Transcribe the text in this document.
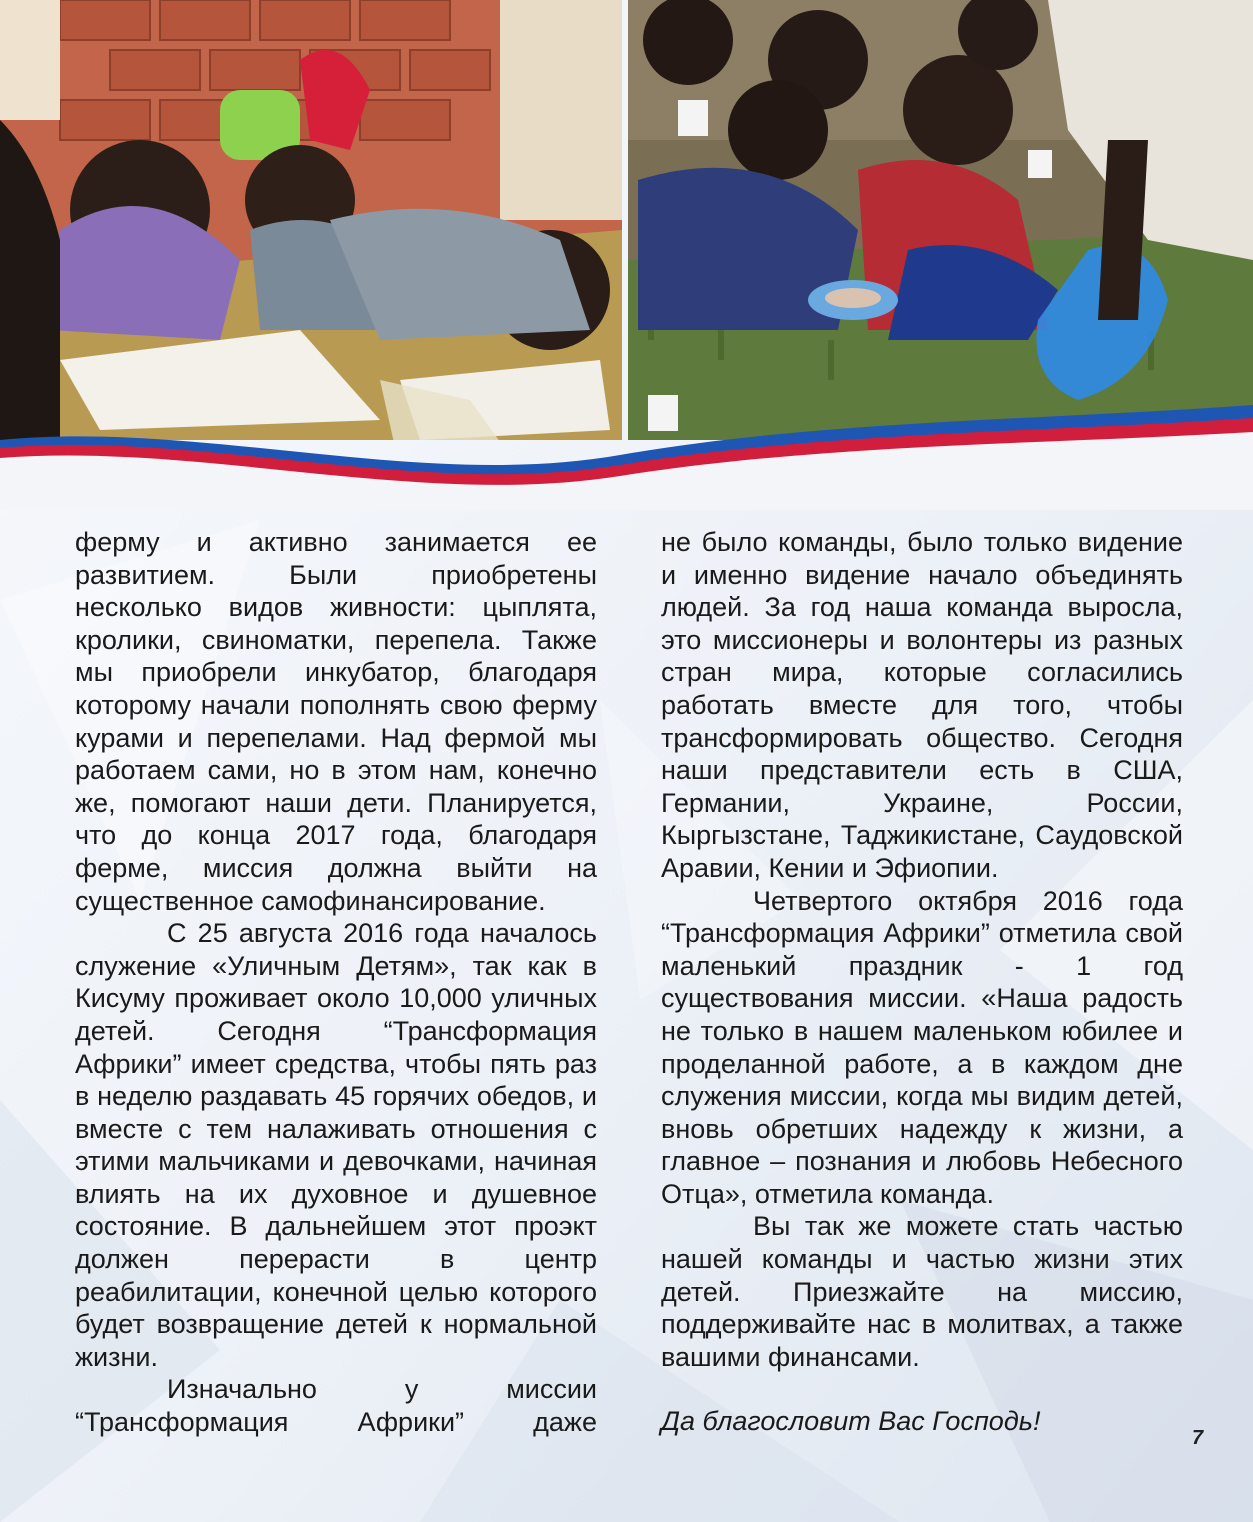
ферму и активно занимается ее развитием. Были приобретены несколько видов живности: цыплята, кролики, свиноматки, перепела. Также мы приобрели инкубатор, благодаря которому начали пополнять свою ферму курами и перепелами. Над фермой мы работаем сами, но в этом нам, конечно же, помогают наши дети. Планируется, что до конца 2017 года, благодаря ферме, миссия должна выйти на существенное самофинансирование.

С 25 августа 2016 года началось служение «Уличным Детям», так как в Кисуму проживает около 10,000 уличных детей. Сегодня “Трансформация Африки” имеет средства, чтобы пять раз в неделю раздавать 45 горячих обедов, и вместе с тем налаживать отношения с этими мальчиками и девочками, начиная влиять на их духовное и душевное состояние. В дальнейшем этот проэкт должен перерасти в центр реабилитации, конечной целью которого будет возвращение детей к нормальной жизни.

Изначально у миссии “Трансформация Африки” даже

не было команды, было только видение и именно видение начало объединять людей. За год наша команда выросла, это миссионеры и волонтеры из разных стран мира, которые согласились работать вместе для того, чтобы трансформировать общество. Сегодня наши представители есть в США, Германии, Украине, России, Кыргызстане, Таджикистане, Саудовской Аравии, Кении и Эфиопии.

Четвертого октября 2016 года “Трансформация Африки” отметила свой маленький праздник - 1 год существования миссии. «Наша радость не только в нашем маленьком юбилее и проделанной работе, а в каждом дне служения миссии, когда мы видим детей, вновь обретших надежду к жизни, а главное – познания и любовь Небесного Отца», отметила команда.

Вы так же можете стать частью нашей команды и частью жизни этих детей. Приезжайте на миссию, поддерживайте нас в молитвах, а также вашими финансами.

Да благословит Вас Господь!

7
